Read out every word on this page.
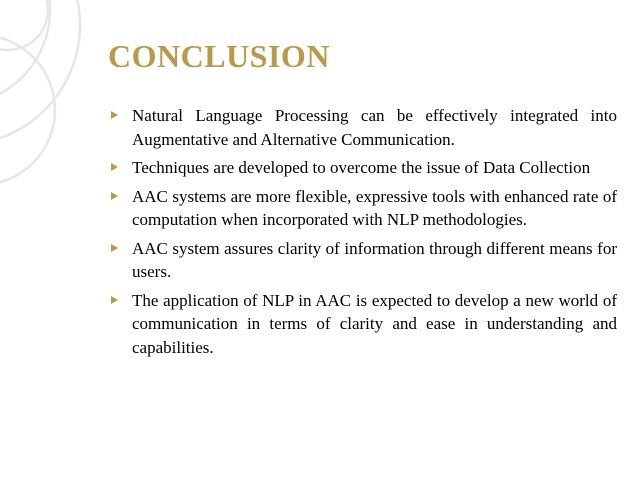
CONCLUSION
Natural Language Processing can be effectively integrated into Augmentative and Alternative Communication.
Techniques are developed to overcome the issue of Data Collection
AAC systems are more flexible, expressive tools with enhanced rate of computation when incorporated with NLP methodologies.
AAC system assures clarity of information through different means for users.
The application of NLP in AAC is expected to develop a new world of communication in terms of clarity and ease in understanding and capabilities.
